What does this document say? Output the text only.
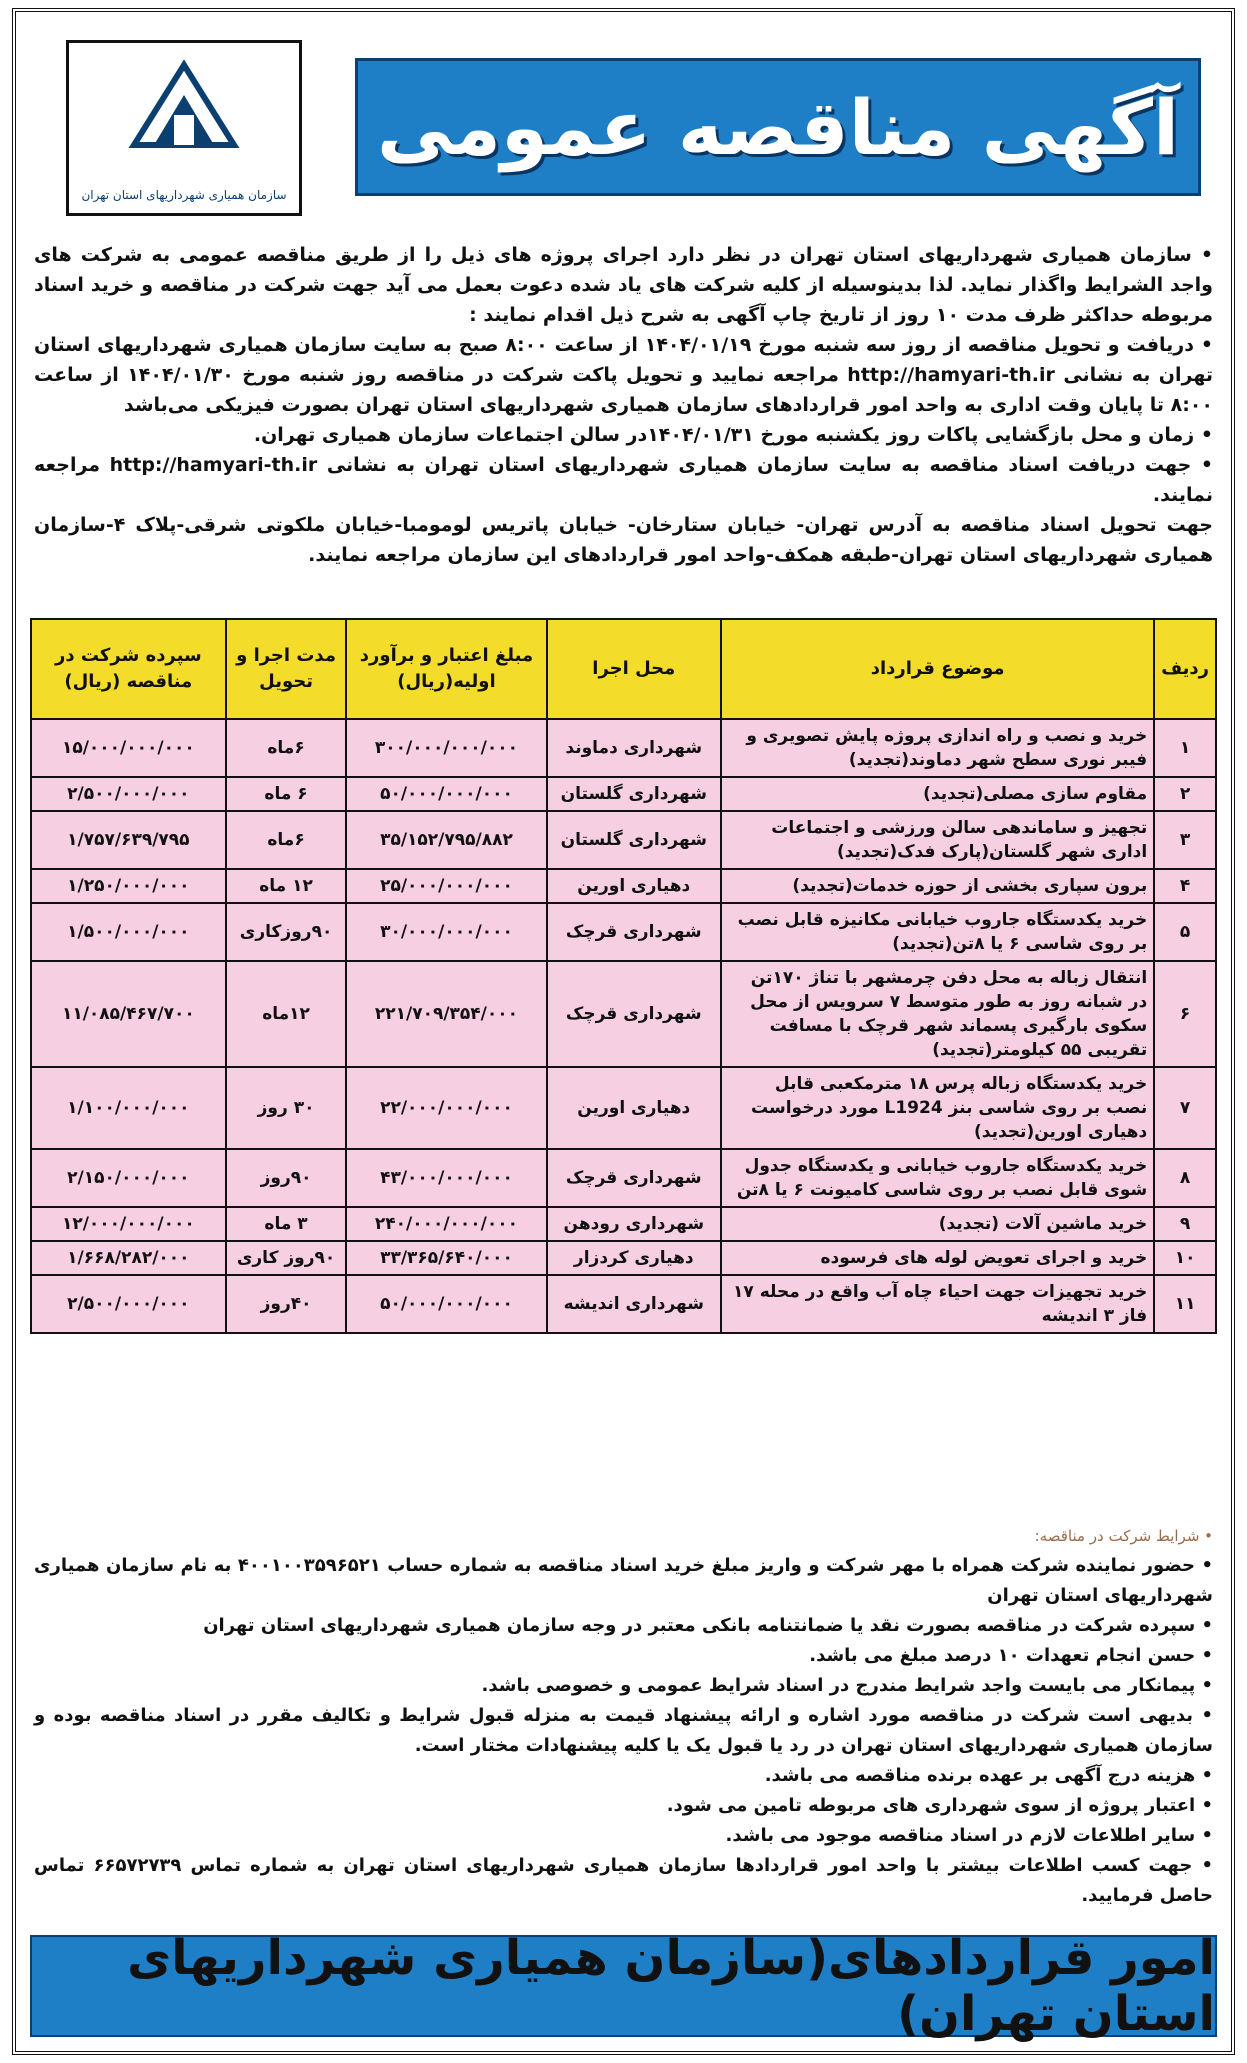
آگهی مناقصه عمومی
سازمان همیاری شهرداریهای استان تهران

• سازمان همیاری شهرداریهای استان تهران در نظر دارد اجرای پروژه های ذیل را از طریق مناقصه عمومی به شرکت های واجد الشرایط واگذار نماید. لذا بدینوسیله از کلیه شرکت های یاد شده دعوت بعمل می آید جهت شرکت در مناقصه و خرید اسناد مربوطه حداکثر ظرف مدت ۱۰ روز از تاریخ چاپ آگهی به شرح ذیل اقدام نمایند :

• دریافت و تحویل مناقصه از روز سه شنبه مورخ ۱۴۰۴/۰۱/۱۹ از ساعت ۸:۰۰ صبح به سایت سازمان همیاری شهرداریهای استان تهران به نشانی http://hamyari-th.ir مراجعه نمایید و تحویل پاکت شرکت در مناقصه روز شنبه مورخ ۱۴۰۴/۰۱/۳۰ از ساعت ۸:۰۰ تا پایان وقت اداری به واحد امور قراردادهای سازمان همیاری شهرداریهای استان تهران بصورت فیزیکی می‌باشد

• زمان و محل بازگشایی پاکات روز یکشنبه مورخ ۱۴۰۴/۰۱/۳۱در سالن اجتماعات سازمان همیاری تهران.

• جهت دریافت اسناد مناقصه به سایت سازمان همیاری شهرداریهای استان تهران به نشانی http://hamyari-th.ir مراجعه نمایند.

جهت تحویل اسناد مناقصه به آدرس تهران- خیابان ستارخان- خیابان پاتریس لومومبا-خیابان ملکوتی شرقی-پلاک ۴-سازمان همیاری شهرداریهای استان تهران-طبقه همکف-واحد امور قراردادهای این سازمان مراجعه نمایند.

ردیف	موضوع قرارداد	محل اجرا	مبلغ اعتبار و برآورد اولیه(ریال)	مدت اجرا و تحویل	سپرده شرکت در مناقصه (ریال)
۱	خرید و نصب و راه اندازی پروژه پایش تصویری و فیبر نوری سطح شهر دماوند(تجدید)	شهرداری دماوند	۳۰۰/۰۰۰/۰۰۰/۰۰۰	۶ماه	۱۵/۰۰۰/۰۰۰/۰۰۰
۲	مقاوم سازی مصلی(تجدید)	شهرداری گلستان	۵۰/۰۰۰/۰۰۰/۰۰۰	۶ ماه	۲/۵۰۰/۰۰۰/۰۰۰
۳	تجهیز و ساماندهی سالن ورزشی و اجتماعات اداری شهر گلستان(پارک فدک(تجدید)	شهرداری گلستان	۳۵/۱۵۲/۷۹۵/۸۸۲	۶ماه	۱/۷۵۷/۶۳۹/۷۹۵
۴	برون سپاری بخشی از حوزه خدمات(تجدید)	دهیاری اورین	۲۵/۰۰۰/۰۰۰/۰۰۰	۱۲ ماه	۱/۲۵۰/۰۰۰/۰۰۰
۵	خرید یکدستگاه جاروب خیابانی مکانیزه قابل نصب بر روی شاسی ۶ یا ۸تن(تجدید)	شهرداری قرچک	۳۰/۰۰۰/۰۰۰/۰۰۰	۹۰روزکاری	۱/۵۰۰/۰۰۰/۰۰۰
۶	انتقال زباله به محل دفن چرمشهر با تناژ ۱۷۰تن در شبانه روز به طور متوسط ۷ سرویس از محل سکوی بارگیری پسماند شهر قرچک با مسافت تقریبی ۵۵ کیلومتر(تجدید)	شهرداری قرچک	۲۲۱/۷۰۹/۳۵۴/۰۰۰	۱۲ماه	۱۱/۰۸۵/۴۶۷/۷۰۰
۷	خرید یکدستگاه زباله پرس ۱۸ مترمکعبی قابل نصب بر روی شاسی بنز L1924 مورد درخواست دهیاری اورین(تجدید)	دهیاری اورین	۲۲/۰۰۰/۰۰۰/۰۰۰	۳۰ روز	۱/۱۰۰/۰۰۰/۰۰۰
۸	خرید یکدستگاه جاروب خیابانی و یکدستگاه جدول شوی قابل نصب بر روی شاسی کامیونت ۶ یا ۸تن	شهرداری قرچک	۴۳/۰۰۰/۰۰۰/۰۰۰	۹۰روز	۲/۱۵۰/۰۰۰/۰۰۰
۹	خرید ماشین آلات (تجدید)	شهرداری رودهن	۲۴۰/۰۰۰/۰۰۰/۰۰۰	۳ ماه	۱۲/۰۰۰/۰۰۰/۰۰۰
۱۰	خرید و اجرای تعویض لوله های فرسوده	دهیاری کردزار	۳۳/۳۶۵/۶۴۰/۰۰۰	۹۰روز کاری	۱/۶۶۸/۲۸۲/۰۰۰
۱۱	خرید تجهیزات جهت احیاء چاه آب واقع در محله ۱۷ فاز ۳ اندیشه	شهرداری اندیشه	۵۰/۰۰۰/۰۰۰/۰۰۰	۴۰روز	۲/۵۰۰/۰۰۰/۰۰۰
• شرایط شرکت در مناقصه:
• حضور نماینده شرکت همراه با مهر شرکت و واریز مبلغ خرید اسناد مناقصه به شماره حساب ۴۰۰۱۰۰۳۵۹۶۵۲۱ به نام سازمان همیاری شهرداریهای استان تهران
• سپرده شرکت در مناقصه بصورت نقد یا ضمانتنامه بانکی معتبر در وجه سازمان همیاری شهرداریهای استان تهران
• حسن انجام تعهدات ۱۰ درصد مبلغ می باشد.
• پیمانکار می بایست واجد شرایط مندرج در اسناد شرایط عمومی و خصوصی باشد.
• بدیهی است شرکت در مناقصه مورد اشاره و ارائه پیشنهاد قیمت به منزله قبول شرایط و تکالیف مقرر در اسناد مناقصه بوده و سازمان همیاری شهرداریهای استان تهران در رد یا قبول یک یا کلیه پیشنهادات مختار است.
• هزینه درج آگهی بر عهده برنده مناقصه می باشد.
• اعتبار پروژه از سوی شهرداری های مربوطه تامین می شود.
• سایر اطلاعات لازم در اسناد مناقصه موجود می باشد.
• جهت کسب اطلاعات بیشتر با واحد امور قراردادها سازمان همیاری شهرداریهای استان تهران به شماره تماس ۶۶۵۷۲۷۳۹ تماس حاصل فرمایید.
امور قراردادهای(سازمان همیاری شهرداریهای استان تهران)
